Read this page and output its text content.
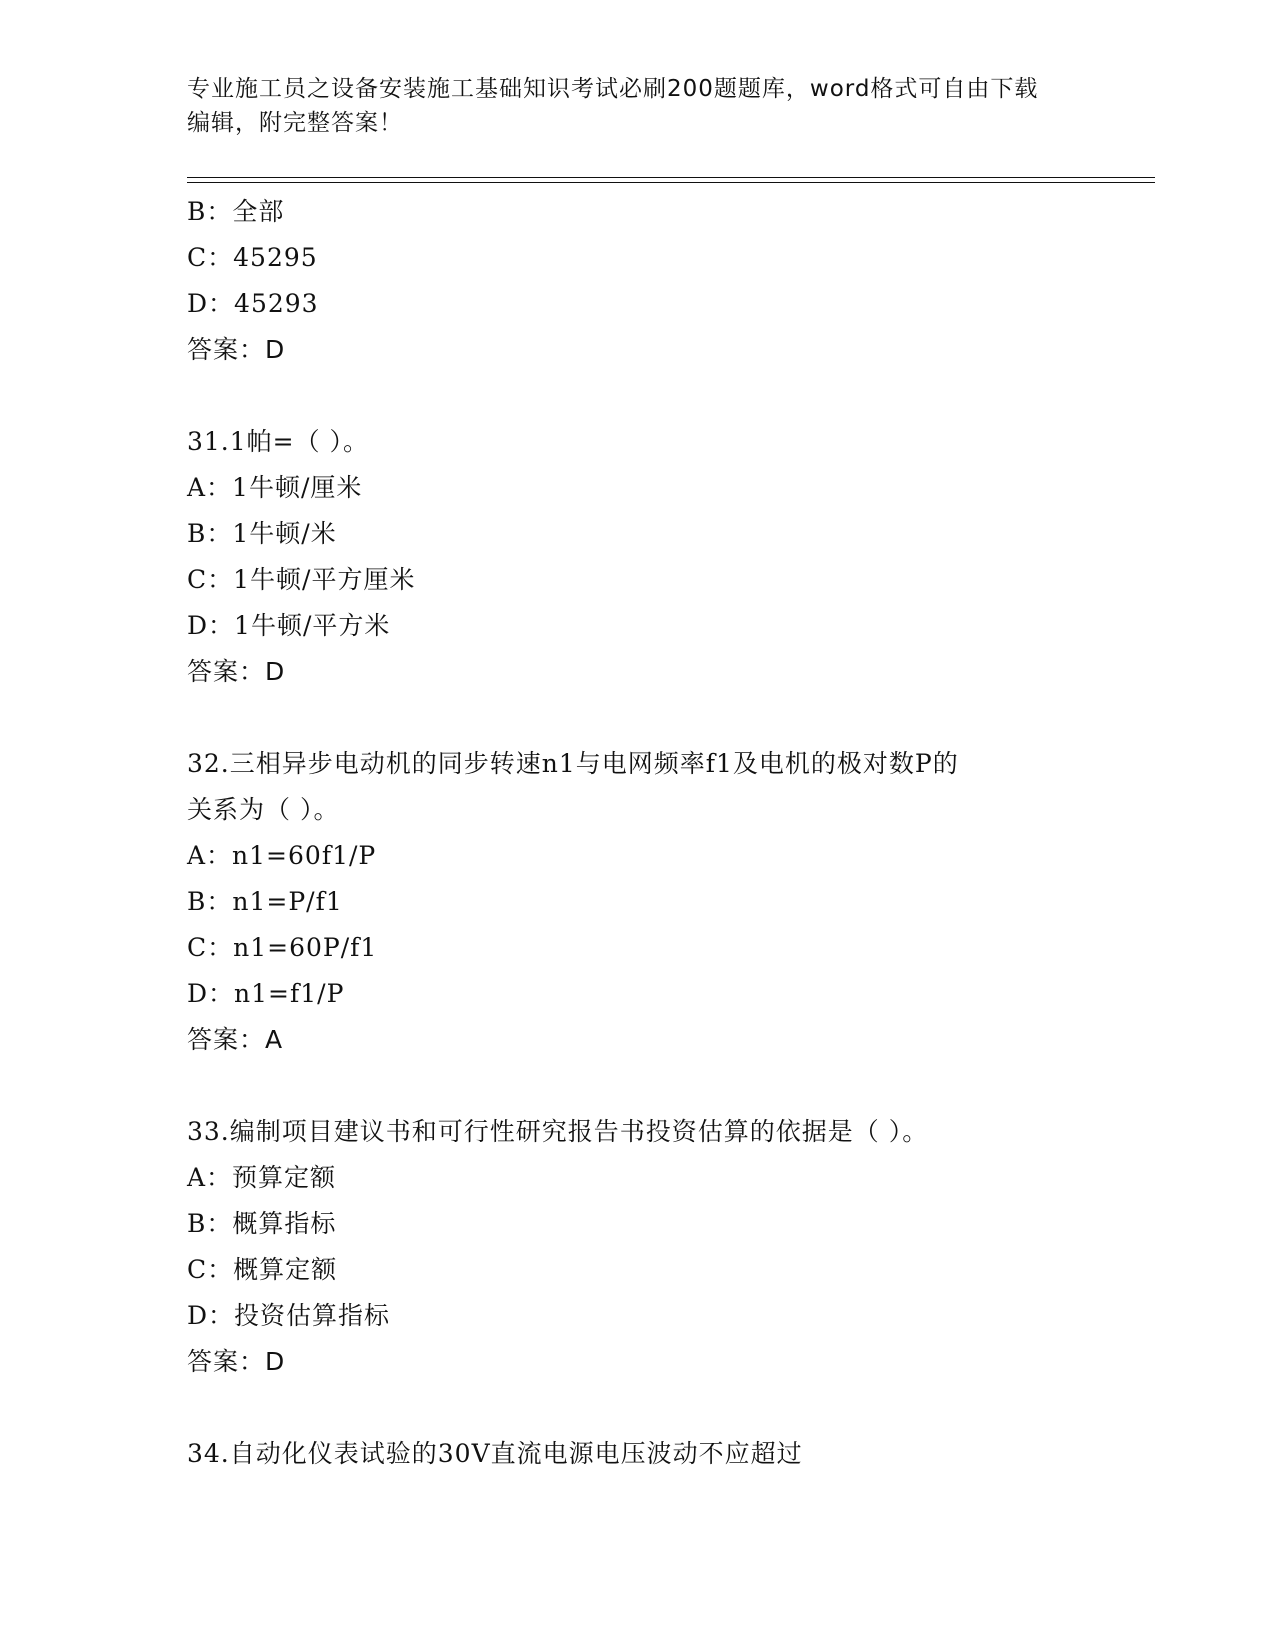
专业施工员之设备安装施工基础知识考试必刷200题题库，word格式可自由下载
编辑，附完整答案！
B：全部
C：45295
D：45293
答案：D
31.1帕=（ ）。
A：1牛顿/厘米
B：1牛顿/米
C：1牛顿/平方厘米
D：1牛顿/平方米
答案：D
32.三相异步电动机的同步转速n1与电网频率f1及电机的极对数P的
关系为（ ）。
A：n1=60f1/P
B：n1=P/f1
C：n1=60P/f1
D：n1=f1/P
答案：A
33.编制项目建议书和可行性研究报告书投资估算的依据是（ ）。
A：预算定额
B：概算指标
C：概算定额
D：投资估算指标
答案：D
34.自动化仪表试验的30V直流电源电压波动不应超过
